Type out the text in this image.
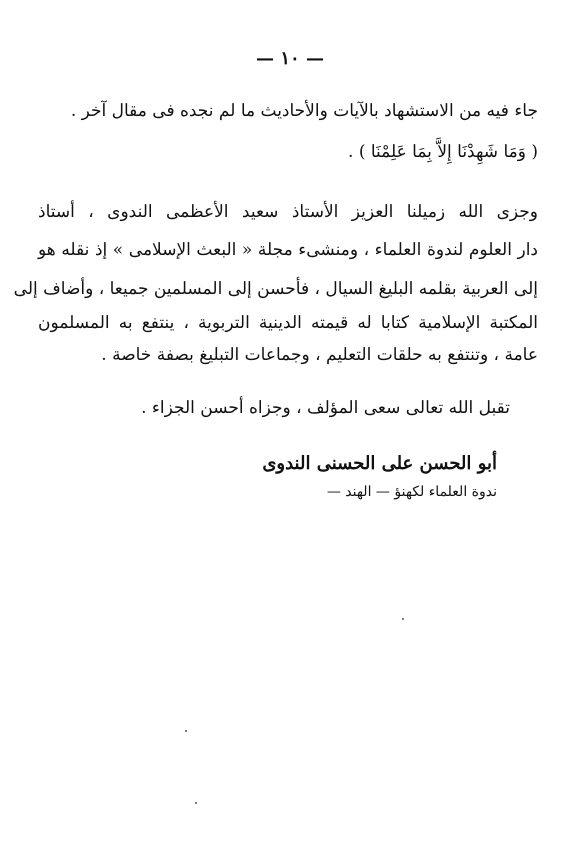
— ١٠ —
جاء فيه من الاستشهاد بالآيات والأحاديث ما لم نجده فى مقال آخر .
( وَمَا شَهِدْنَا إِلاَّ بِمَا عَلِمْنَا ) .
وجزى الله زميلنا العزيز الأستاذ سعيد الأعظمى الندوى ، أستاذ
دار العلوم لندوة العلماء ، ومنشىء مجلة « البعث الإسلامى » إذ نقله هو
إلى العربية بقلمه البليغ السيال ، فأحسن إلى المسلمين جميعا ، وأضاف إلى
المكتبة الإسلامية كتابا له قيمته الدينية التربوية ، ينتفع به المسلمون
عامة ، وتنتفع به حلقات التعليم ، وجماعات التبليغ بصفة خاصة .
تقبل الله تعالى سعى المؤلف ، وجزاه أحسن الجزاء .
أبو الحسن على الحسنى الندوى
ندوة العلماء لكهنؤ — الهند —
